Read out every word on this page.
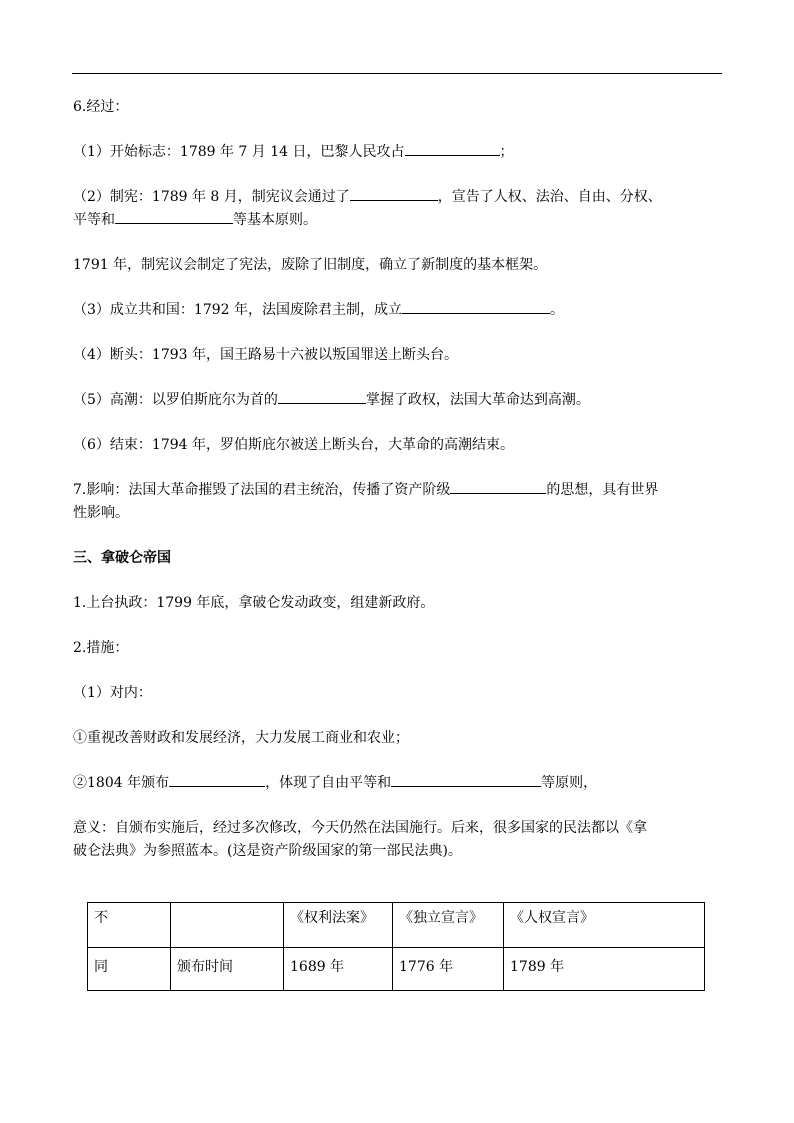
6.经过：
（1）开始标志：1789 年 7 月 14 日，巴黎人民攻占	；
（2）制宪：1789 年 8 月，制宪议会通过了	，宣告了人权、法治、自由、分权、
平等和	等基本原则。
1791 年，制宪议会制定了宪法，废除了旧制度，确立了新制度的基本框架。
（3）成立共和国：1792 年，法国废除君主制，成立	。
（4）断头：1793 年，国王路易十六被以叛国罪送上断头台。
（5）高潮：以罗伯斯庇尔为首的	掌握了政权，法国大革命达到高潮。
（6）结束：1794 年，罗伯斯庇尔被送上断头台，大革命的高潮结束。
7.影响：法国大革命摧毁了法国的君主统治，传播了资产阶级	的思想，具有世界
性影响。
三、拿破仑帝国
1.上台执政：1799 年底，拿破仑发动政变，组建新政府。
2.措施：
（1）对内：
①重视改善财政和发展经济，大力发展工商业和农业；
②1804 年颁布	，体现了自由平等和	等原则，
意义：自颁布实施后，经过多次修改，今天仍然在法国施行。后来，很多国家的民法都以《拿
破仑法典》为参照蓝本。(这是资产阶级国家的第一部民法典)。
不		《权利法案》	《独立宣言》	《人权宣言》
同	颁布时间	1689 年	1776 年	1789 年
